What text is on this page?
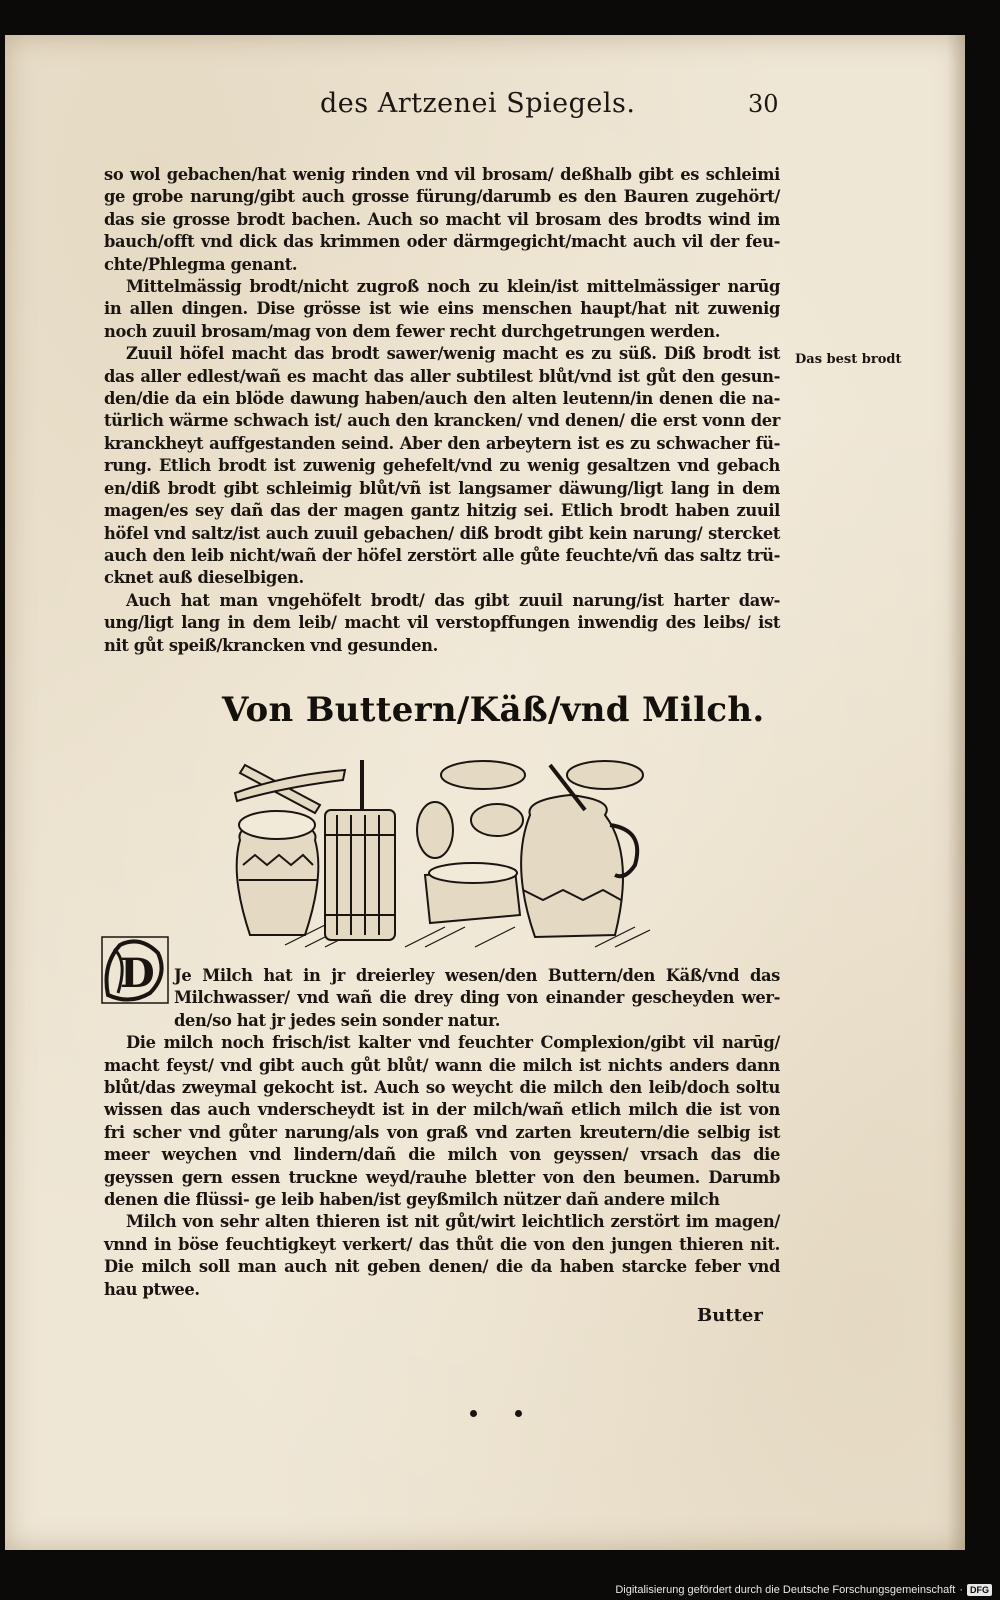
des Artzenei Spiegels.	30

so wol gebachen/hat wenig rinden vnd vil brosam/ deßhalb gibt es schleimi ge grobe narung/gibt auch grosse fürung/darumb es den Bauren zugehört/ das sie grosse brodt bachen. Auch so macht vil brosam des brodts wind im bauch/offt vnd dick das krimmen oder därmgegicht/macht auch vil der feu- chte/Phlegma genant.

Mittelmässig brodt/nicht zugroß noch zu klein/ist mittelmässiger narūg in allen dingen. Dise grösse ist wie eins menschen haupt/hat nit zuwenig noch zuuil brosam/mag von dem fewer recht durchgetrungen werden.

Zuuil höfel macht das brodt sawer/wenig macht es zu süß. Diß brodt ist das aller edlest/wañ es macht das aller subtilest blůt/vnd ist gůt den gesun- den/die da ein blöde dawung haben/auch den alten leutenn/in denen die na- türlich wärme schwach ist/ auch den krancken/ vnd denen/ die erst vonn der kranckheyt auffgestanden seind. Aber den arbeytern ist es zu schwacher fü- rung. Etlich brodt ist zuwenig gehefelt/vnd zu wenig gesaltzen vnd gebach en/diß brodt gibt schleimig blůt/vñ ist langsamer däwung/ligt lang in dem magen/es sey dañ das der magen gantz hitzig sei. Etlich brodt haben zuuil höfel vnd saltz/ist auch zuuil gebachen/ diß brodt gibt kein narung/ stercket auch den leib nicht/wañ der höfel zerstört alle gůte feuchte/vñ das saltz trü- cknet auß dieselbigen.

Auch hat man vngehöfelt brodt/ das gibt zuuil narung/ist harter daw- ung/ligt lang in dem leib/ macht vil verstopffungen inwendig des leibs/ ist nit gůt speiß/krancken vnd gesunden.

Das best brodt
Von Buttern/Käß/vnd Milch.
D	Je Milch hat in jr dreierley wesen/den Buttern/den Käß/vnd das Milchwasser/ vnd wañ die drey ding von einander gescheyden wer- den/so hat jr jedes sein sonder natur.

Die milch noch frisch/ist kalter vnd feuchter Complexion/gibt vil narūg/ macht feyst/ vnd gibt auch gůt blůt/ wann die milch ist nichts anders dann blůt/das zweymal gekocht ist. Auch so weycht die milch den leib/doch soltu wissen das auch vnderscheydt ist in der milch/wañ etlich milch die ist von fri scher vnd gůter narung/als von graß vnd zarten kreutern/die selbig ist meer weychen vnd lindern/dañ die milch von geyssen/ vrsach das die geyssen gern essen truckne weyd/rauhe bletter von den beumen. Darumb denen die flüssi- ge leib haben/ist geyßmilch nützer dañ andere milch

Milch von sehr alten thieren ist nit gůt/wirt leichtlich zerstört im magen/ vnnd in böse feuchtigkeyt verkert/ das thůt die von den jungen thieren nit. Die milch soll man auch nit geben denen/ die da haben starcke feber vnd hau ptwee.

Butter
Digitalisierung gefördert durch die Deutsche Forschungsgemeinschaft · DFG
